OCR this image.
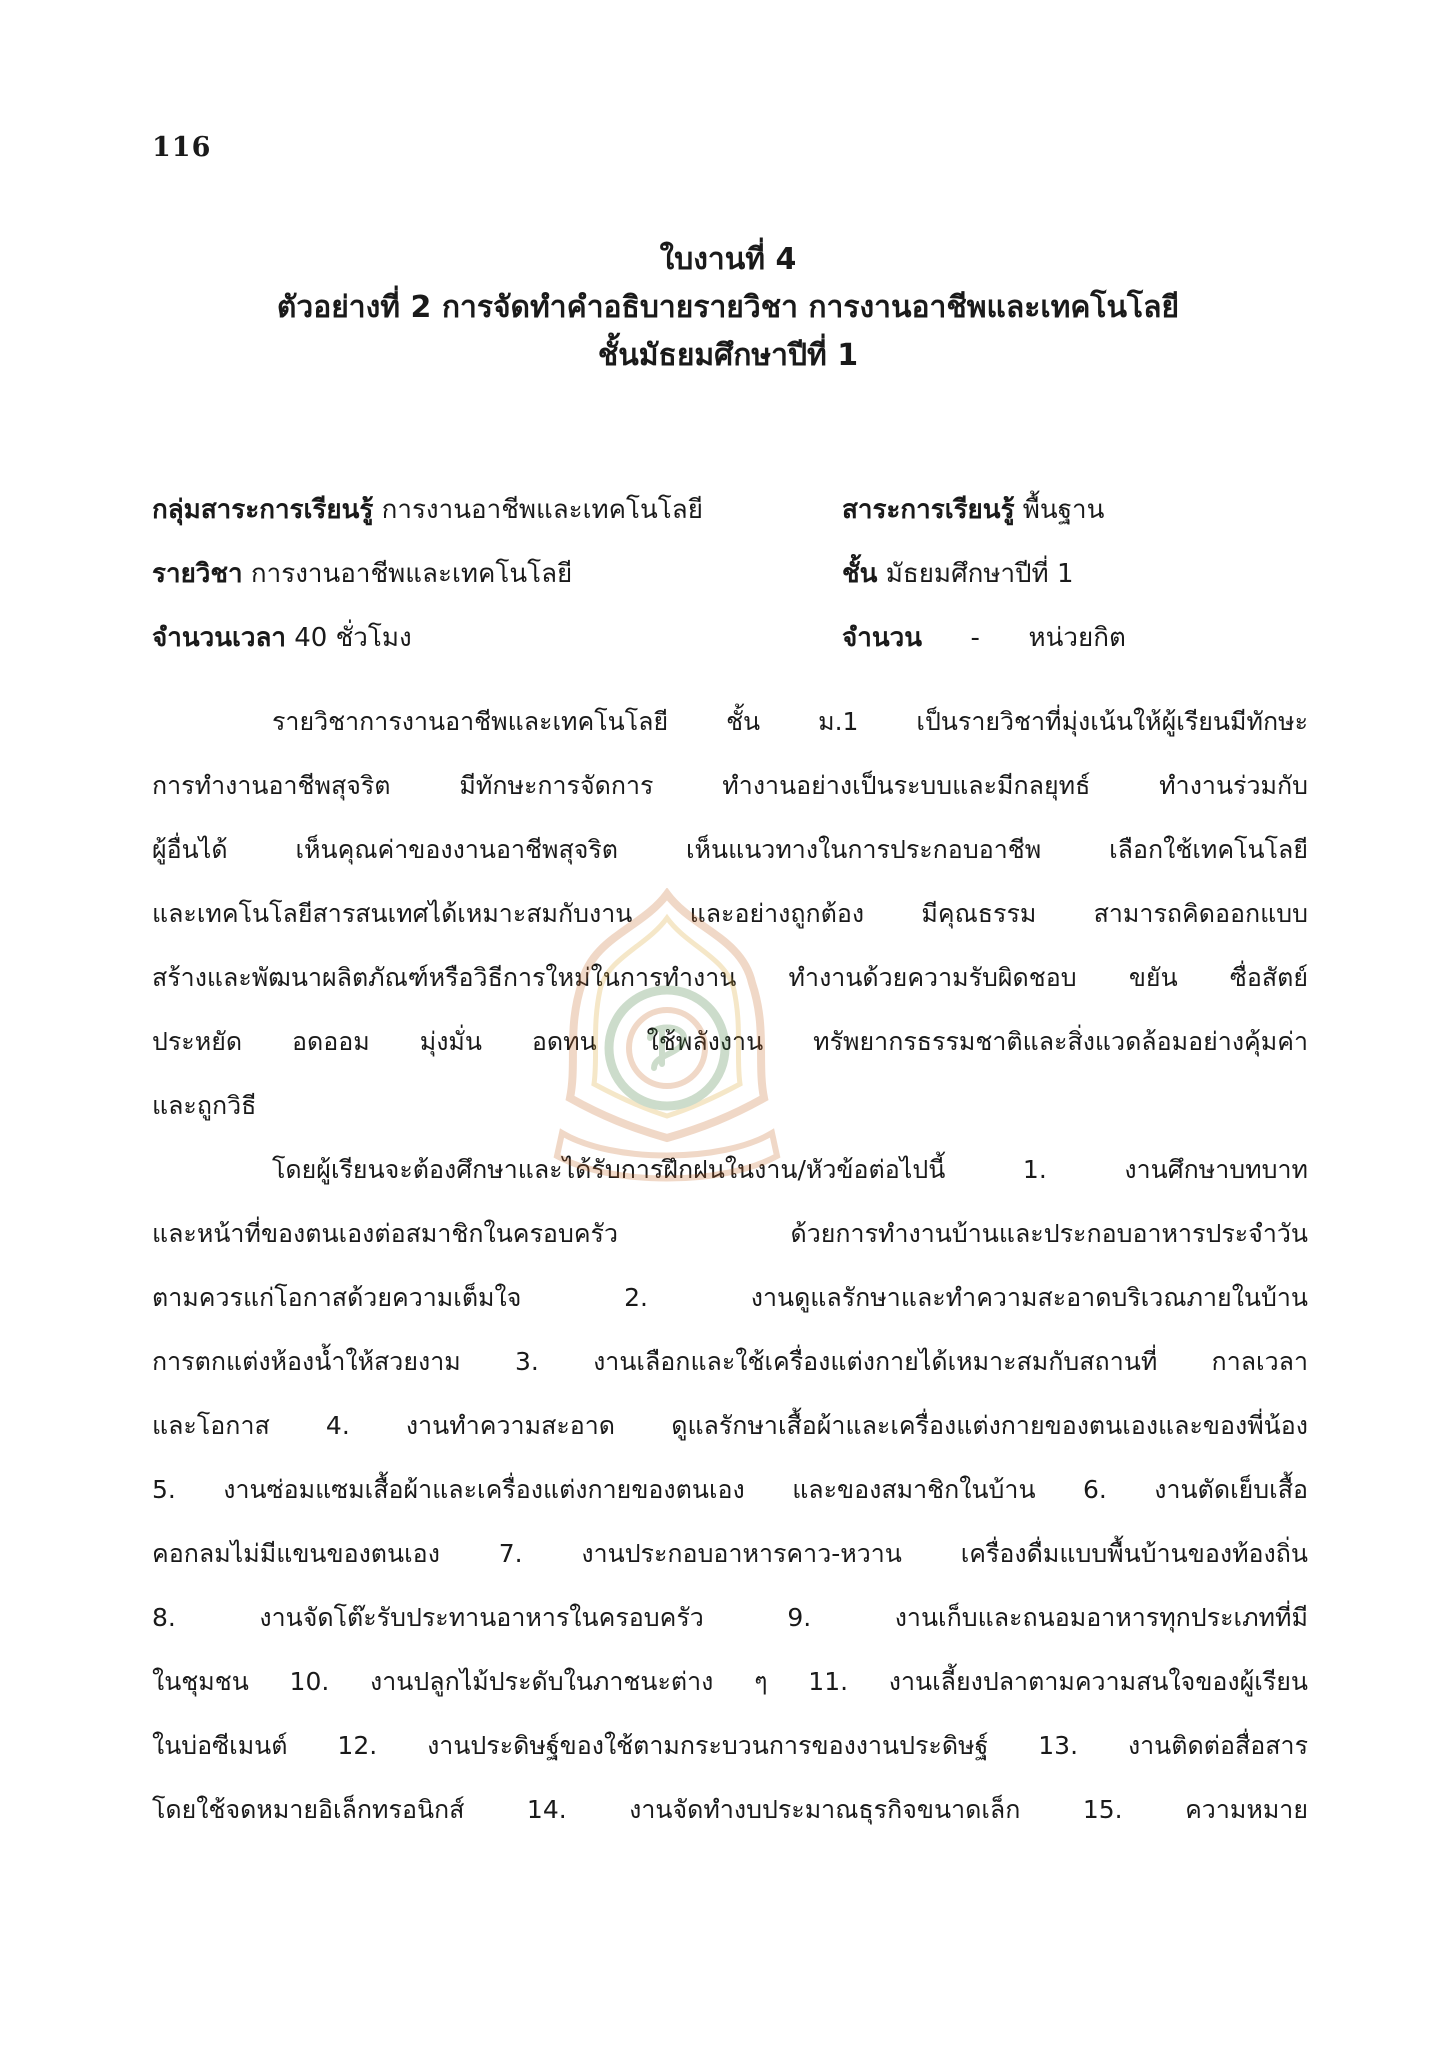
116
ใบงานที่ 4
ตัวอย่างที่ 2 การจัดทำคำอธิบายรายวิชา การงานอาชีพและเทคโนโลยี
ชั้นมัธยมศึกษาปีที่ 1
กลุ่มสาระการเรียนรู้ การงานอาชีพและเทคโนโลยี	สาระการเรียนรู้ พื้นฐาน
รายวิชา การงานอาชีพและเทคโนโลยี	ชั้น มัธยมศึกษาปีที่ 1
จำนวนเวลา 40 ชั่วโมง	จำนวน - หน่วยกิต
รายวิชาการงานอาชีพและเทคโนโลยี ชั้น ม.1 เป็นรายวิชาที่มุ่งเน้นให้ผู้เรียนมีทักษะ
การทำงานอาชีพสุจริต มีทักษะการจัดการ ทำงานอย่างเป็นระบบและมีกลยุทธ์ ทำงานร่วมกับ
ผู้อื่นได้ เห็นคุณค่าของงานอาชีพสุจริต เห็นแนวทางในการประกอบอาชีพ เลือกใช้เทคโนโลยี
และเทคโนโลยีสารสนเทศได้เหมาะสมกับงาน และอย่างถูกต้อง มีคุณธรรม สามารถคิดออกแบบ
สร้างและพัฒนาผลิตภัณฑ์หรือวิธีการใหม่ในการทำงาน ทำงานด้วยความรับผิดชอบ ขยัน ซื่อสัตย์
ประหยัด อดออม มุ่งมั่น อดทน ใช้พลังงาน ทรัพยากรธรรมชาติและสิ่งแวดล้อมอย่างคุ้มค่า
และถูกวิธี
โดยผู้เรียนจะต้องศึกษาและได้รับการฝึกฝนในงาน/หัวข้อต่อไปนี้ 1. งานศึกษาบทบาท
และหน้าที่ของตนเองต่อสมาชิกในครอบครัว ด้วยการทำงานบ้านและประกอบอาหารประจำวัน
ตามควรแก่โอกาสด้วยความเต็มใจ 2. งานดูแลรักษาและทำความสะอาดบริเวณภายในบ้าน
การตกแต่งห้องน้ำให้สวยงาม 3. งานเลือกและใช้เครื่องแต่งกายได้เหมาะสมกับสถานที่ กาลเวลา
และโอกาส 4. งานทำความสะอาด ดูแลรักษาเสื้อผ้าและเครื่องแต่งกายของตนเองและของพี่น้อง
5. งานซ่อมแซมเสื้อผ้าและเครื่องแต่งกายของตนเอง และของสมาชิกในบ้าน 6. งานตัดเย็บเสื้อ
คอกลมไม่มีแขนของตนเอง 7. งานประกอบอาหารคาว-หวาน เครื่องดื่มแบบพื้นบ้านของท้องถิ่น
8. งานจัดโต๊ะรับประทานอาหารในครอบครัว 9. งานเก็บและถนอมอาหารทุกประเภทที่มี
ในชุมชน 10. งานปลูกไม้ประดับในภาชนะต่าง ๆ 11. งานเลี้ยงปลาตามความสนใจของผู้เรียน
ในบ่อซีเมนต์ 12. งานประดิษฐ์ของใช้ตามกระบวนการของงานประดิษฐ์ 13. งานติดต่อสื่อสาร
โดยใช้จดหมายอิเล็กทรอนิกส์ 14. งานจัดทำงบประมาณธุรกิจขนาดเล็ก 15. ความหมาย
